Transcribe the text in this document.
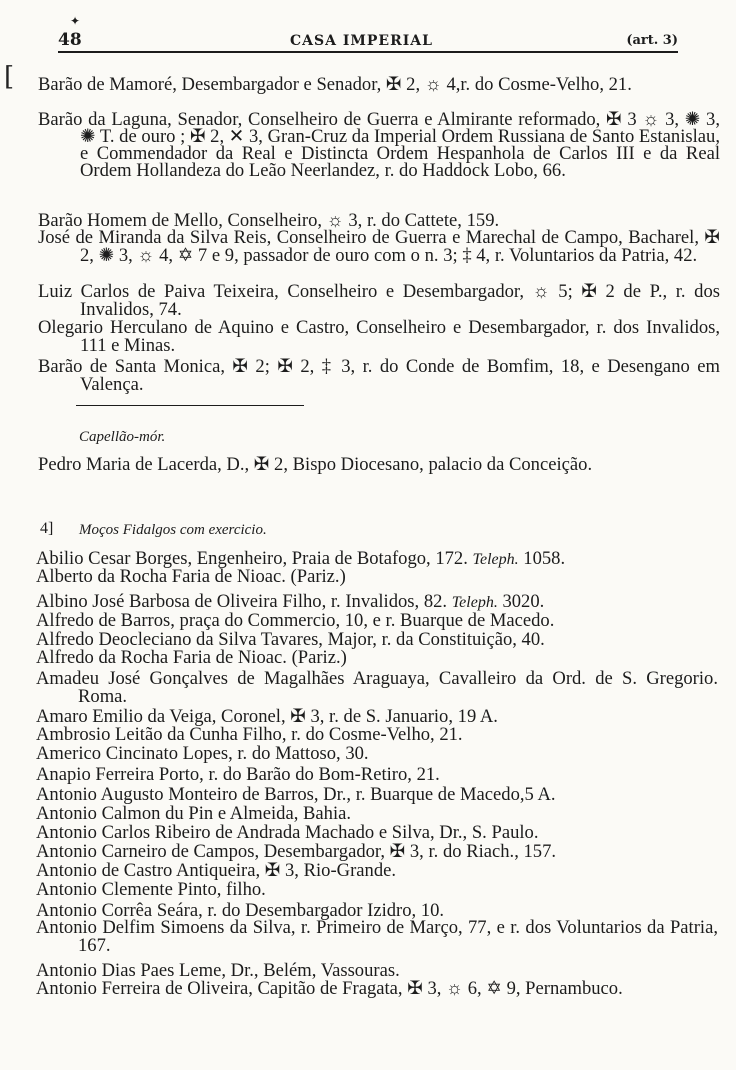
✦
[
48	CASA IMPERIAL	(art. 3)
Barão de Mamoré, Desembargador e Senador, ✠ 2, ☼ 4,r. do Cosme-Velho, 21.
Barão da Laguna, Senador, Conselheiro de Guerra e Almirante reformado, ✠ 3 ☼ 3, ✺ 3, ✺ T. de ouro ; ✠ 2, ✕ 3, Gran-Cruz da Imperial Ordem Russiana de Santo Estanislau, e Commendador da Real e Distincta Ordem Hespanhola de Carlos III e da Real Ordem Hollandeza do Leão Neerlandez, r. do Haddock Lobo, 66.
Barão Homem de Mello, Conselheiro, ☼ 3, r. do Cattete, 159.
José de Miranda da Silva Reis, Conselheiro de Guerra e Marechal de Campo, Bacharel, ✠ 2, ✺ 3, ☼ 4, ✡ 7 e 9, passador de ouro com o n. 3; ‡ 4, r. Voluntarios da Patria, 42.
Luiz Carlos de Paiva Teixeira, Conselheiro e Desembargador, ☼ 5; ✠ 2 de P., r. dos Invalidos, 74.
Olegario Herculano de Aquino e Castro, Conselheiro e Desembargador, r. dos Invalidos, 111 e Minas.
Barão de Santa Monica, ✠ 2; ✠ 2, ‡ 3, r. do Conde de Bomfim, 18, e Desengano em Valença.
Capellão-mór.
Pedro Maria de Lacerda, D., ✠ 2, Bispo Diocesano, palacio da Conceição.
4] Moços Fidalgos com exercicio.
Abilio Cesar Borges, Engenheiro, Praia de Botafogo, 172. Teleph. 1058.
Alberto da Rocha Faria de Nioac. (Pariz.)
Albino José Barbosa de Oliveira Filho, r. Invalidos, 82. Teleph. 3020.
Alfredo de Barros, praça do Commercio, 10, e r. Buarque de Macedo.
Alfredo Deocleciano da Silva Tavares, Major, r. da Constituição, 40.
Alfredo da Rocha Faria de Nioac. (Pariz.)
Amadeu José Gonçalves de Magalhães Araguaya, Cavalleiro da Ord. de S. Gregorio. Roma.
Amaro Emilio da Veiga, Coronel, ✠ 3, r. de S. Januario, 19 A.
Ambrosio Leitão da Cunha Filho, r. do Cosme-Velho, 21.
Americo Cincinato Lopes, r. do Mattoso, 30.
Anapio Ferreira Porto, r. do Barão do Bom-Retiro, 21.
Antonio Augusto Monteiro de Barros, Dr., r. Buarque de Macedo,5 A.
Antonio Calmon du Pin e Almeida, Bahia.
Antonio Carlos Ribeiro de Andrada Machado e Silva, Dr., S. Paulo.
Antonio Carneiro de Campos, Desembargador, ✠ 3, r. do Riach., 157.
Antonio de Castro Antiqueira, ✠ 3, Rio-Grande.
Antonio Clemente Pinto, filho.
Antonio Corrêa Seára, r. do Desembargador Izidro, 10.
Antonio Delfim Simoens da Silva, r. Primeiro de Março, 77, e r. dos Voluntarios da Patria, 167.
Antonio Dias Paes Leme, Dr., Belém, Vassouras.
Antonio Ferreira de Oliveira, Capitão de Fragata, ✠ 3, ☼ 6, ✡ 9, Pernambuco.
